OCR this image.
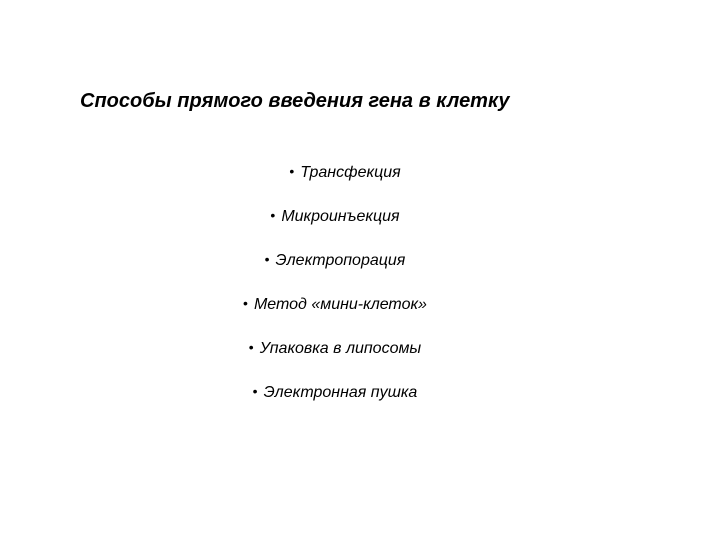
Способы прямого введения гена в клетку
• Трансфекция
• Микроинъекция
• Электропорация
• Метод «мини-клеток»
• Упаковка в липосомы
• Электронная пушка
